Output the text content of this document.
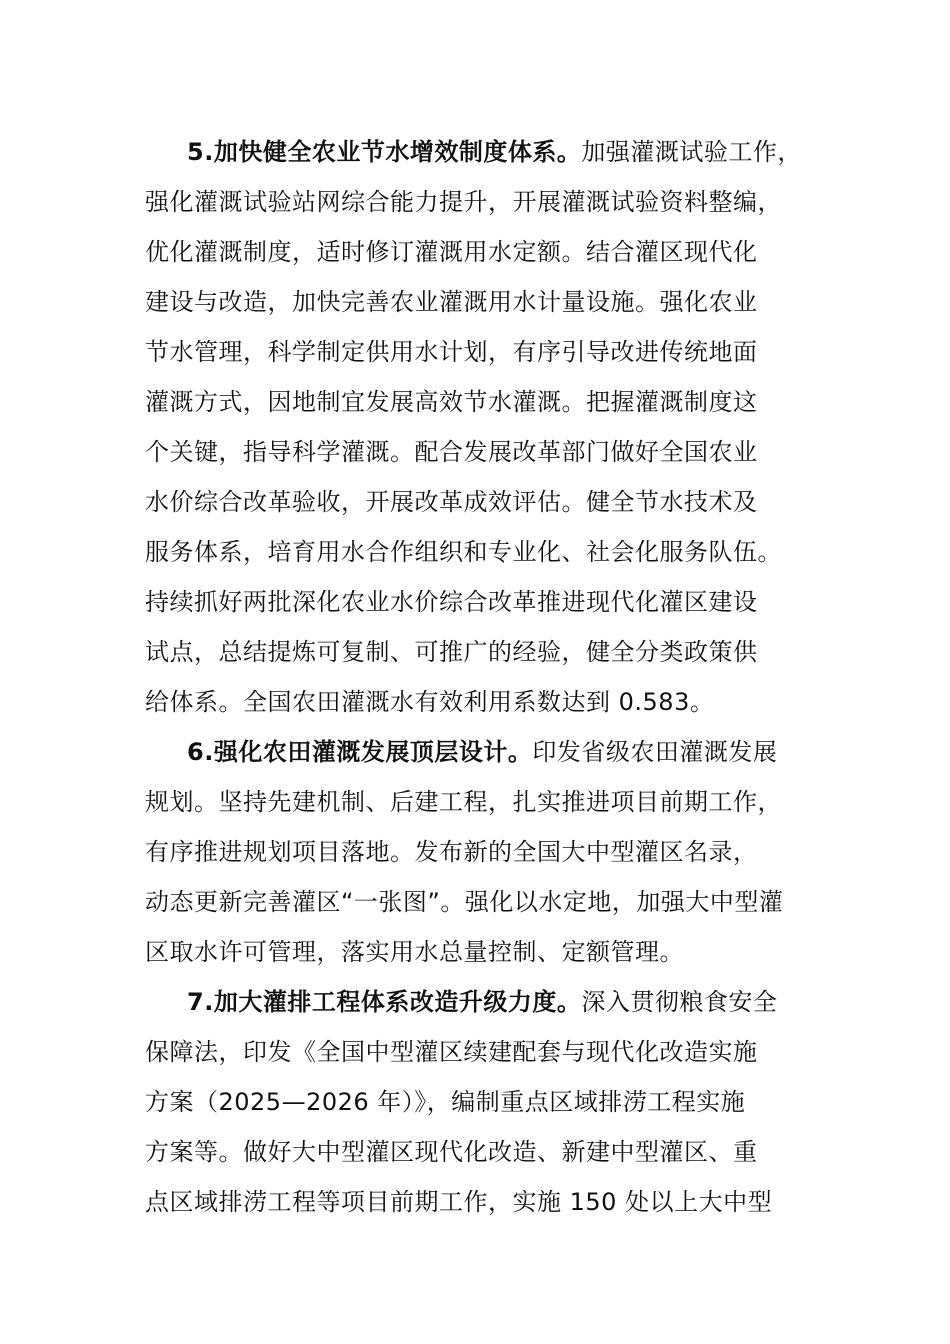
5.加快健全农业节水增效制度体系。加强灌溉试验工作，
强化灌溉试验站网综合能力提升，开展灌溉试验资料整编，
优化灌溉制度，适时修订灌溉用水定额。结合灌区现代化
建设与改造，加快完善农业灌溉用水计量设施。强化农业
节水管理，科学制定供用水计划，有序引导改进传统地面
灌溉方式，因地制宜发展高效节水灌溉。把握灌溉制度这
个关键，指导科学灌溉。配合发展改革部门做好全国农业
水价综合改革验收，开展改革成效评估。健全节水技术及
服务体系，培育用水合作组织和专业化、社会化服务队伍。
持续抓好两批深化农业水价综合改革推进现代化灌区建设
试点，总结提炼可复制、可推广的经验，健全分类政策供
给体系。全国农田灌溉水有效利用系数达到 0.583。
6.强化农田灌溉发展顶层设计。印发省级农田灌溉发展
规划。坚持先建机制、后建工程，扎实推进项目前期工作，
有序推进规划项目落地。发布新的全国大中型灌区名录，
动态更新完善灌区“一张图”。强化以水定地，加强大中型灌
区取水许可管理，落实用水总量控制、定额管理。
7.加大灌排工程体系改造升级力度。深入贯彻粮食安全
保障法，印发《全国中型灌区续建配套与现代化改造实施
方案（2025—2026 年）》，编制重点区域排涝工程实施
方案等。做好大中型灌区现代化改造、新建中型灌区、重
点区域排涝工程等项目前期工作，实施 150 处以上大中型
